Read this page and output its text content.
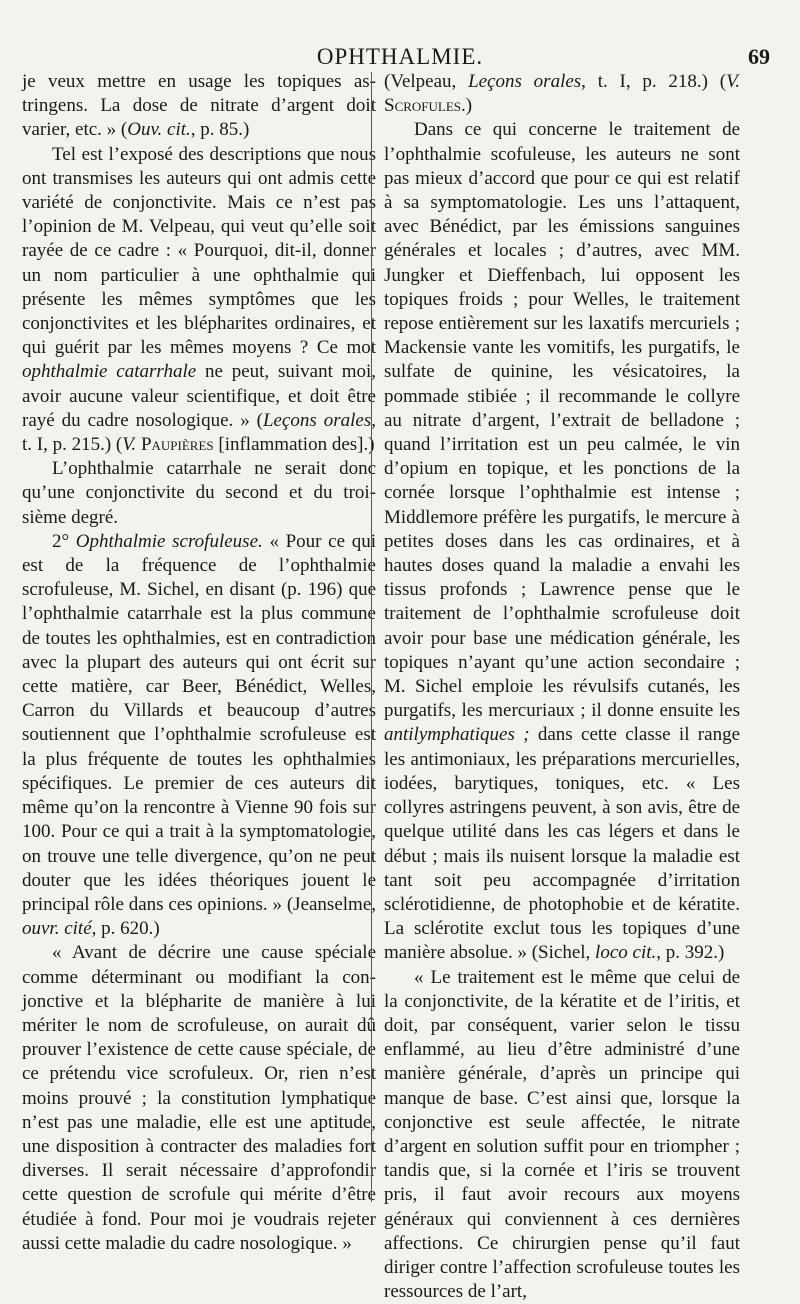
OPHTHALMIE.	69

je veux mettre en usage les topiques astringens. La dose de nitrate d’argent doit varier, etc. » (Ouv. cit., p. 85.)

Tel est l’exposé des descriptions que nous ont transmises les auteurs qui ont admis cette variété de conjonctivite. Mais ce n’est pas l’opinion de M. Velpeau, qui veut qu’elle soit rayée de ce cadre : « Pourquoi, dit-il, donner un nom particulier à une ophthalmie qui présente les mêmes symptômes que les conjonctivites et les blépharites ordinaires, et qui guérit par les mêmes moyens ? Ce mot ophthalmie catarrhale ne peut, suivant moi, avoir aucune valeur scientifique, et doit être rayé du cadre nosologique. » (Leçons orales, t. I, p. 215.) (V. Paupières [inflammation des].)

L’ophthalmie catarrhale ne serait donc qu’une conjonctivite du second et du troisième degré.

2° Ophthalmie scrofuleuse. « Pour ce qui est de la fréquence de l’ophthalmie scrofuleuse, M. Sichel, en disant (p. 196) que l’ophthalmie catarrhale est la plus commune de toutes les ophthalmies, est en contradiction avec la plupart des auteurs qui ont écrit sur cette matière, car Beer, Bénédict, Welles, Carron du Villards et beaucoup d’autres soutiennent que l’ophthalmie scrofuleuse est la plus fréquente de toutes les ophthalmies spécifiques. Le premier de ces auteurs dit même qu’on la rencontre à Vienne 90 fois sur 100. Pour ce qui a trait à la symptomatologie, on trouve une telle divergence, qu’on ne peut douter que les idées théoriques jouent le principal rôle dans ces opinions. » (Jeanselme, ouvr. cité, p. 620.)

« Avant de décrire une cause spéciale comme déterminant ou modifiant la conjonctive et la blépharite de manière à lui mériter le nom de scrofuleuse, on aurait dû prouver l’existence de cette cause spéciale, de ce prétendu vice scrofuleux. Or, rien n’est moins prouvé ; la constitution lymphatique n’est pas une maladie, elle est une aptitude, une disposition à contracter des maladies fort diverses. Il serait nécessaire d’approfondir cette question de scrofule qui mérite d’être étudiée à fond. Pour moi je voudrais rejeter aussi cette maladie du cadre nosologique. »

(Velpeau, Leçons orales, t. I, p. 218.) (V. Scrofules.)

Dans ce qui concerne le traitement de l’ophthalmie scofuleuse, les auteurs ne sont pas mieux d’accord que pour ce qui est relatif à sa symptomatologie. Les uns l’attaquent, avec Bénédict, par les émissions sanguines générales et locales ; d’autres, avec MM. Jungker et Dieffenbach, lui opposent les topiques froids ; pour Welles, le traitement repose entièrement sur les laxatifs mercuriels ; Mackensie vante les vomitifs, les purgatifs, le sulfate de quinine, les vésicatoires, la pommade stibiée ; il recommande le collyre au nitrate d’argent, l’extrait de belladone ; quand l’irritation est un peu calmée, le vin d’opium en topique, et les ponctions de la cornée lorsque l’ophthalmie est intense ; Middlemore préfère les purgatifs, le mercure à petites doses dans les cas ordinaires, et à hautes doses quand la maladie a envahi les tissus profonds ; Lawrence pense que le traitement de l’ophthalmie scrofuleuse doit avoir pour base une médication générale, les topiques n’ayant qu’une action secondaire ; M. Sichel emploie les révulsifs cutanés, les purgatifs, les mercuriaux ; il donne ensuite les antilymphatiques ; dans cette classe il range les antimoniaux, les préparations mercurielles, iodées, barytiques, toniques, etc. « Les collyres astringens peuvent, à son avis, être de quelque utilité dans les cas légers et dans le début ; mais ils nuisent lorsque la maladie est tant soit peu accompagnée d’irritation sclérotidienne, de photophobie et de kératite. La sclérotite exclut tous les topiques d’une manière absolue. » (Sichel, loco cit., p. 392.)

« Le traitement est le même que celui de la conjonctivite, de la kératite et de l’iritis, et doit, par conséquent, varier selon le tissu enflammé, au lieu d’être administré d’une manière générale, d’après un principe qui manque de base. C’est ainsi que, lorsque la conjonctive est seule affectée, le nitrate d’argent en solution suffit pour en triompher ; tandis que, si la cornée et l’iris se trouvent pris, il faut avoir recours aux moyens généraux qui conviennent à ces dernières affections. Ce chirurgien pense qu’il faut diriger contre l’affection scrofuleuse toutes les ressources de l’art,
